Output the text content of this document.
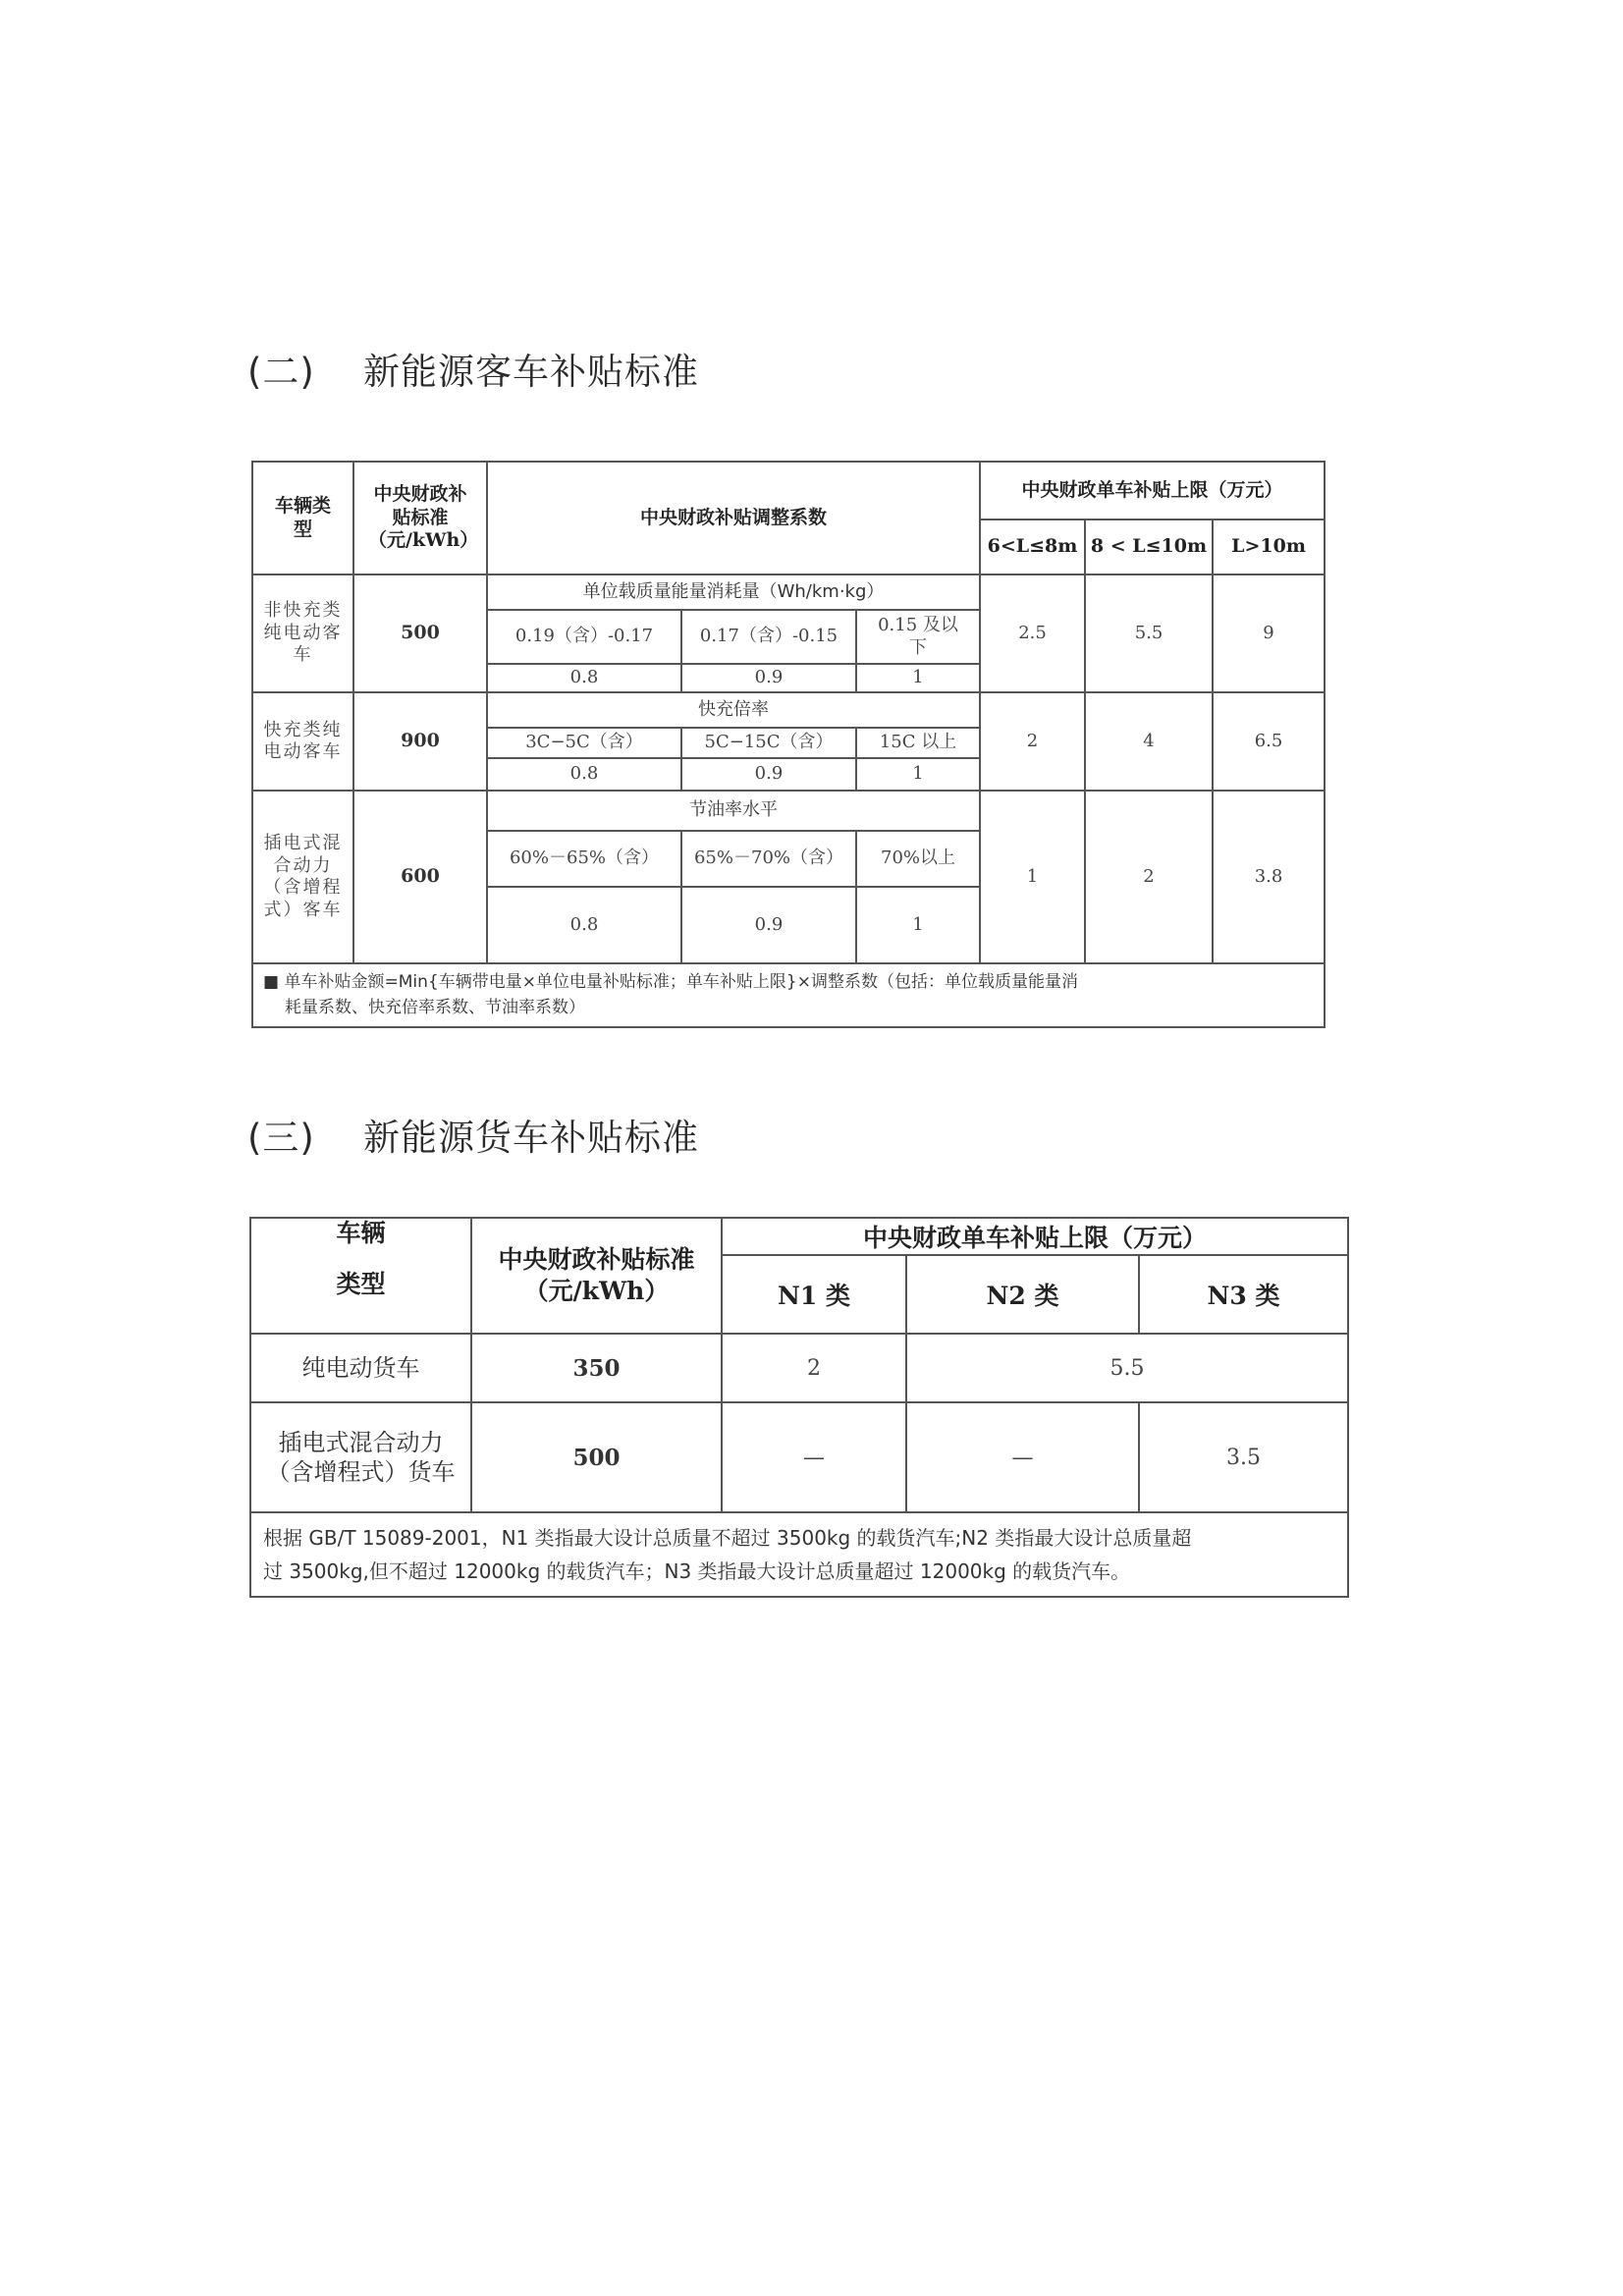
(二) 新能源客车补贴标准
车辆类型	中央财政补贴标准（元/kWh）	中央财政补贴调整系数			中央财政单车补贴上限（万元）		
					6<L≤8m	8 < L≤10m	L>10m
非快充类纯电动客车	500	单位载质量能量消耗量（Wh/km·kg）			2.5	5.5	9
		0.19（含）-0.17	0.17（含）-0.15	0.15 及以下			
		0.8	0.9	1			
快充类纯电动客车	900	快充倍率			2	4	6.5
		3C−5C（含）	5C−15C（含）	15C 以上			
		0.8	0.9	1			
插电式混合动力（含增程式）客车	600	节油率水平			1	2	3.8
		60%－65%（含）	65%－70%（含）	70%以上			
		0.8	0.9	1			

■ 单车补贴金额=Min{车辆带电量×单位电量补贴标准；单车补贴上限}×调整系数（包括：单位载质量能量消
耗量系数、快充倍率系数、节油率系数）							
(三) 新能源货车补贴标准
车辆
类型	中央财政补贴标准（元/kWh）	中央财政单车补贴上限（万元）		
		N1 类	N2 类	N3 类
纯电动货车	350	2	5.5	
插电式混合动力（含增程式）货车	500	—	—	3.5

根据 GB/T 15089-2001，N1 类指最大设计总质量不超过 3500kg 的载货汽车;N2 类指最大设计总质量超
过 3500kg,但不超过 12000kg 的载货汽车；N3 类指最大设计总质量超过 12000kg 的载货汽车。				
